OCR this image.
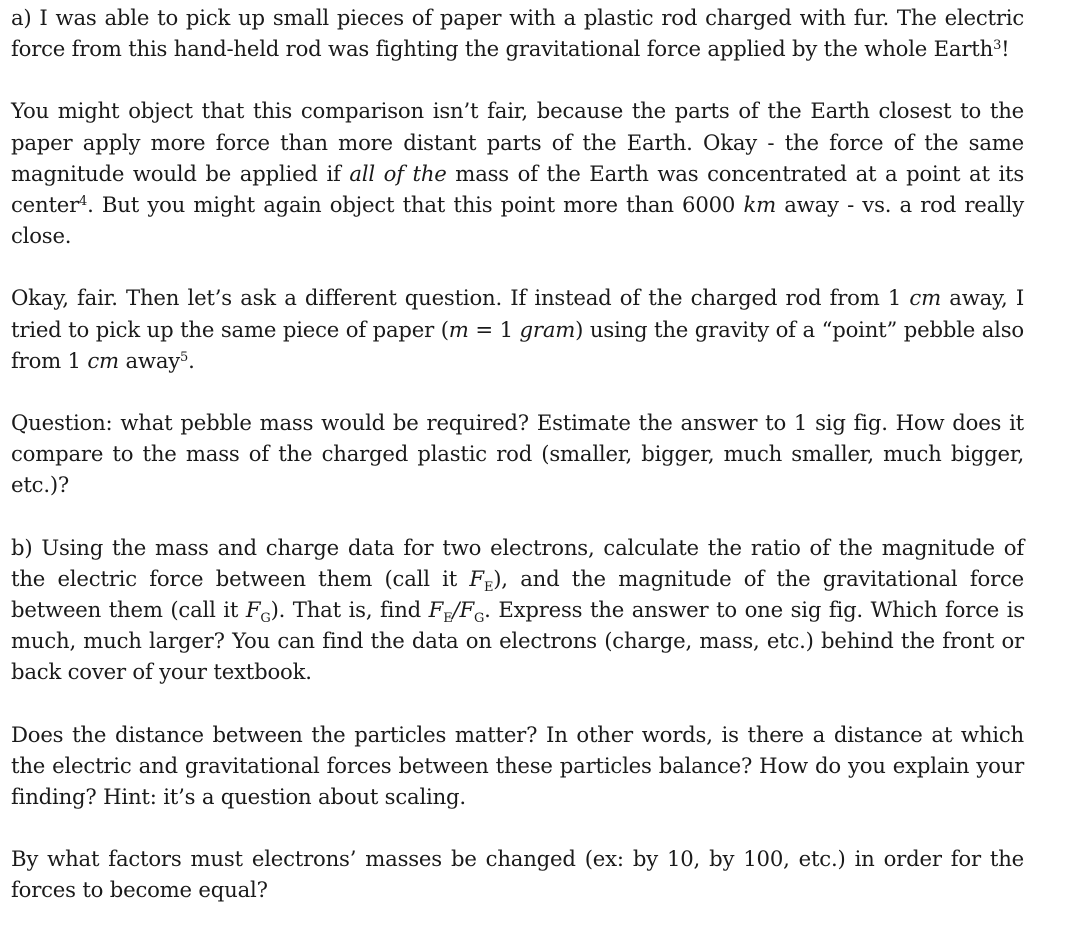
a) I was able to pick up small pieces of paper with a plastic rod charged with fur. The electric force from this hand-held rod was fighting the gravitational force applied by the whole Earth$^3$!

You might object that this comparison isn’t fair, because the parts of the Earth closest to the paper apply more force than more distant parts of the Earth. Okay - the force of the same magnitude would be applied if all of the mass of the Earth was concentrated at a point at its center$^4$. But you might again object that this point more than 6000 km away - vs. a rod really close.

Okay, fair. Then let’s ask a different question. If instead of the charged rod from 1 cm away, I tried to pick up the same piece of paper (m = 1 gram) using the gravity of a “point” pebble also from 1 cm away$^5$.

Question: what pebble mass would be required? Estimate the answer to 1 sig fig. How does it compare to the mass of the charged plastic rod (smaller, bigger, much smaller, much bigger, etc.)?

b) Using the mass and charge data for two electrons, calculate the ratio of the magnitude of the electric force between them (call it $F_E$), and the magnitude of the gravitational force between them (call it $F_G$). That is, find $F_E/F_G$. Express the answer to one sig fig. Which force is much, much larger? You can find the data on electrons (charge, mass, etc.) behind the front or back cover of your textbook.

Does the distance between the particles matter? In other words, is there a distance at which the electric and gravitational forces between these particles balance? How do you explain your finding? Hint: it’s a question about scaling.

By what factors must electrons’ masses be changed (ex: by 10, by 100, etc.) in order for the forces to become equal?
